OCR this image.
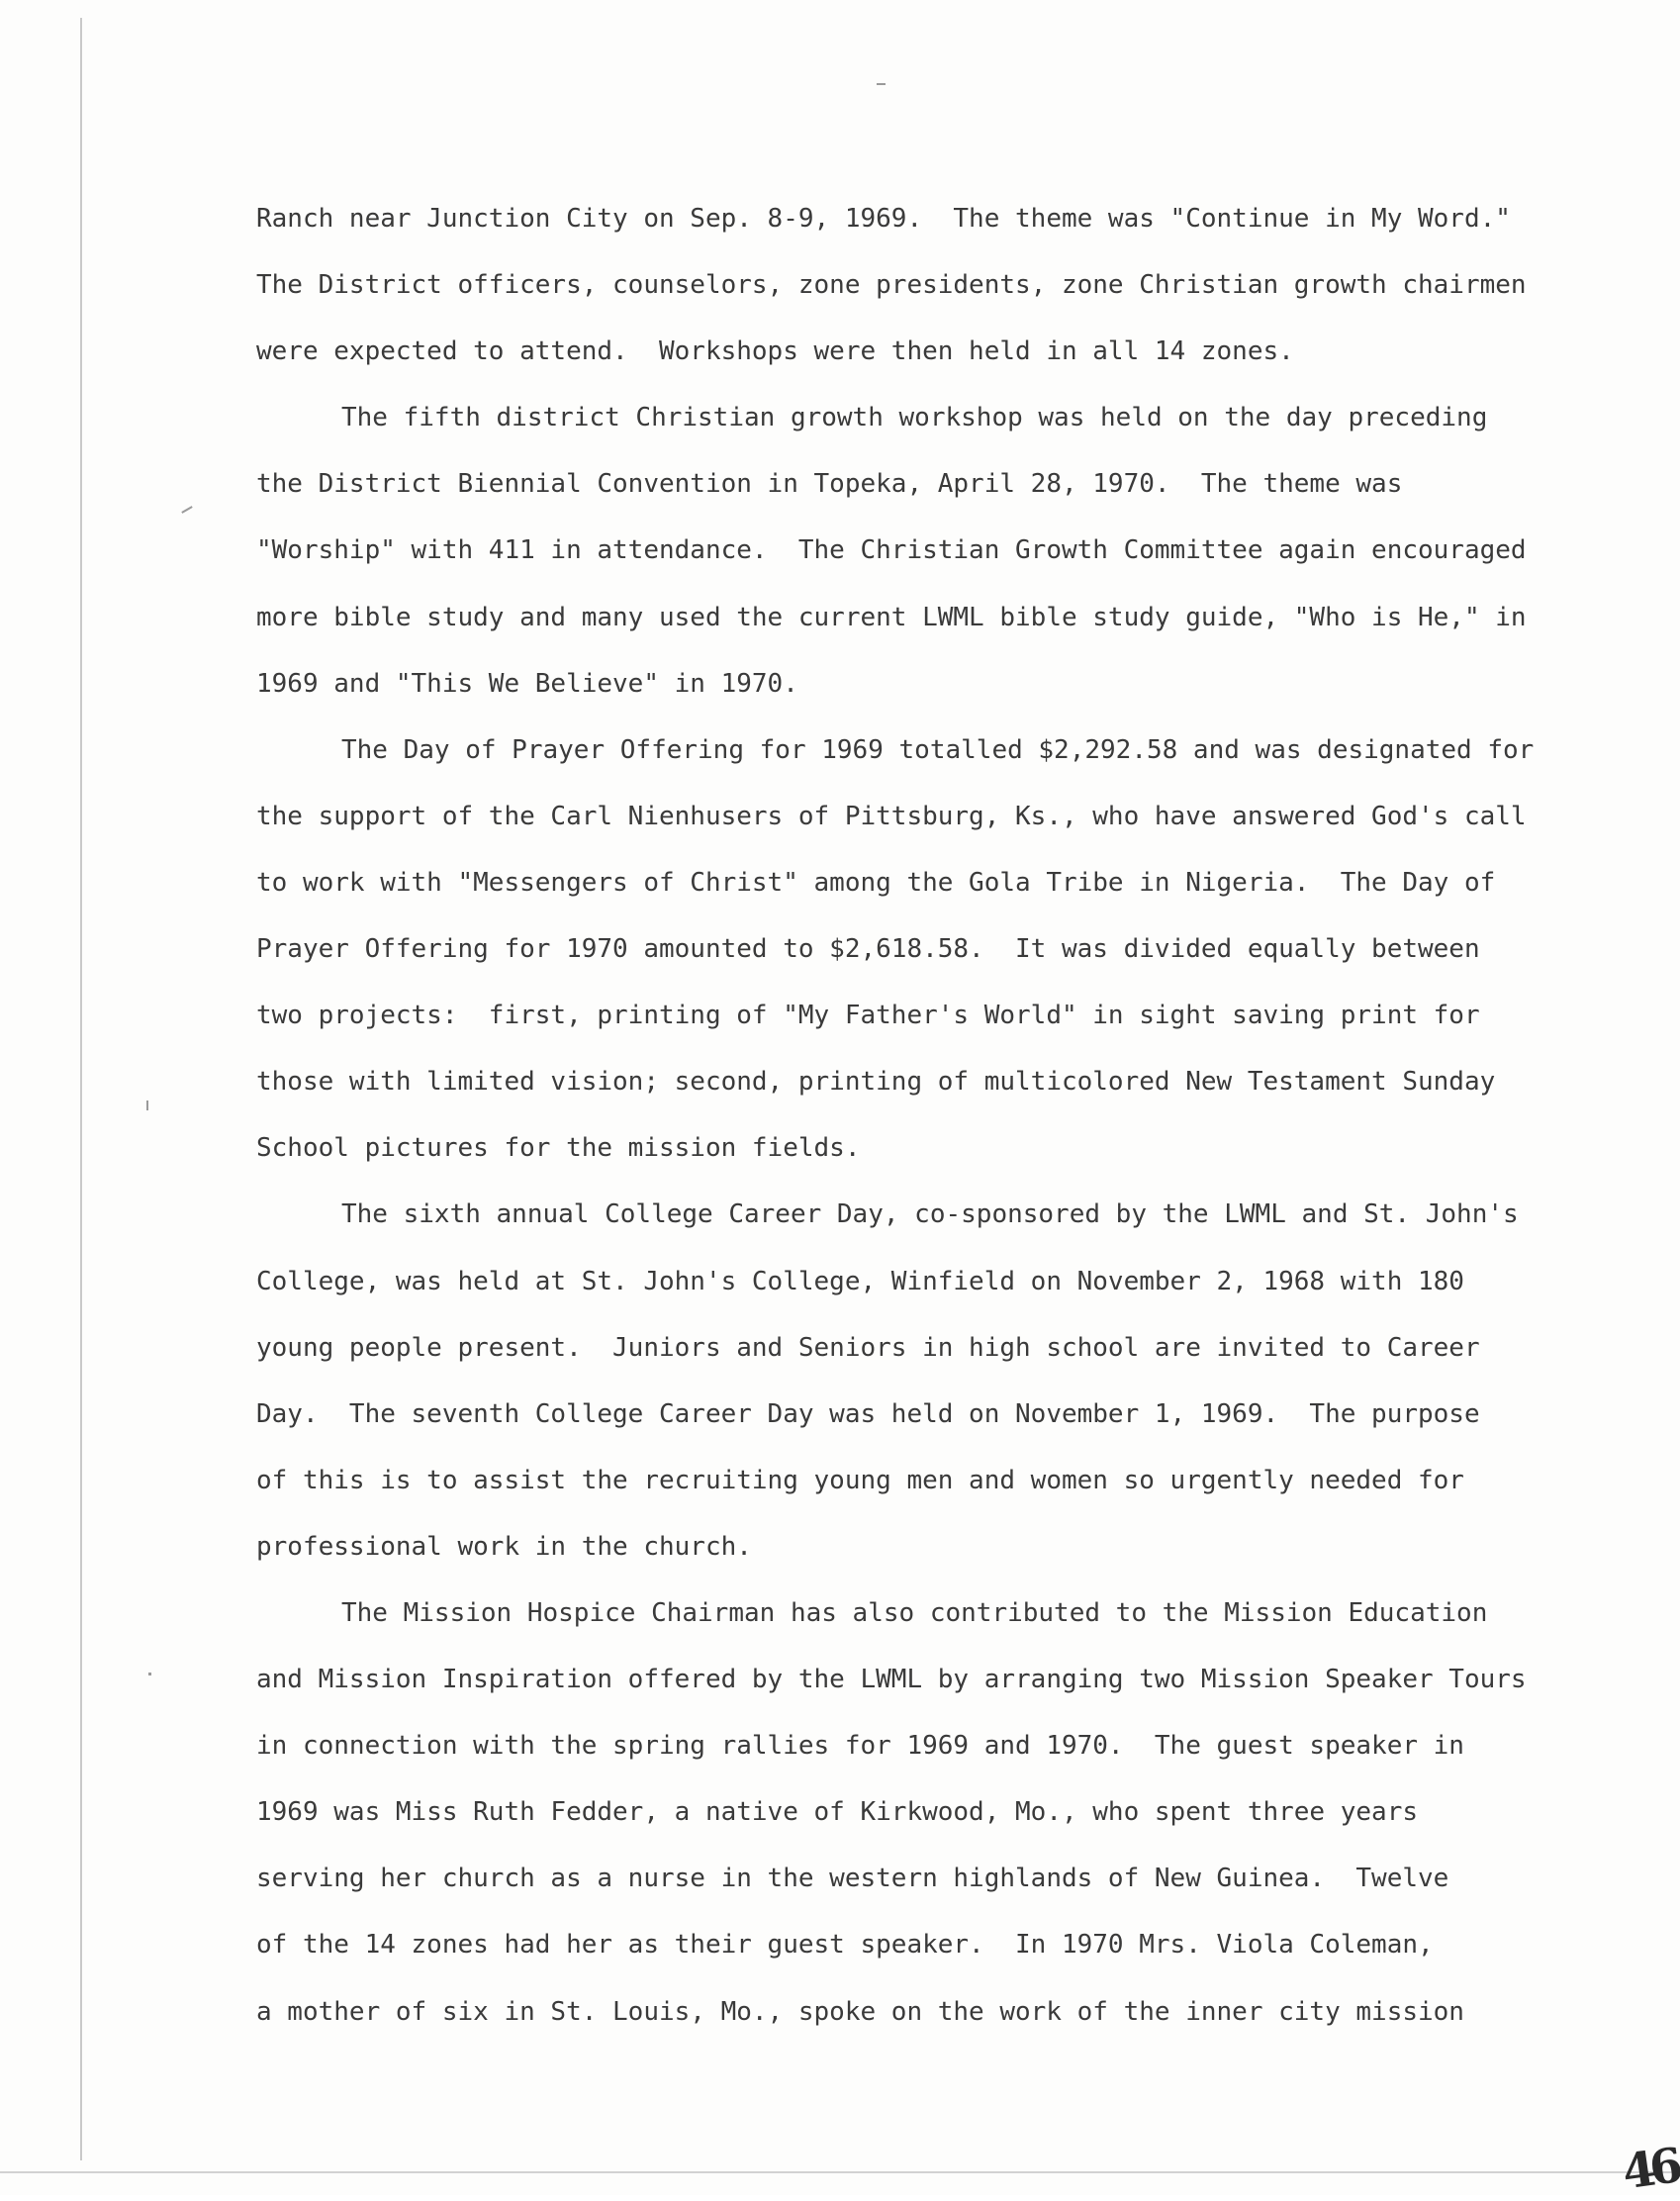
Ranch near Junction City on Sep. 8-9, 1969.  The theme was "Continue in My Word."
The District officers, counselors, zone presidents, zone Christian growth chairmen
were expected to attend.  Workshops were then held in all 14 zones.
The fifth district Christian growth workshop was held on the day preceding
the District Biennial Convention in Topeka, April 28, 1970.  The theme was
"Worship" with 411 in attendance.  The Christian Growth Committee again encouraged
more bible study and many used the current LWML bible study guide, "Who is He," in
1969 and "This We Believe" in 1970.
The Day of Prayer Offering for 1969 totalled $2,292.58 and was designated for
the support of the Carl Nienhusers of Pittsburg, Ks., who have answered God's call
to work with "Messengers of Christ" among the Gola Tribe in Nigeria.  The Day of
Prayer Offering for 1970 amounted to $2,618.58.  It was divided equally between
two projects:  first, printing of "My Father's World" in sight saving print for
those with limited vision; second, printing of multicolored New Testament Sunday
School pictures for the mission fields.
The sixth annual College Career Day, co-sponsored by the LWML and St. John's
College, was held at St. John's College, Winfield on November 2, 1968 with 180
young people present.  Juniors and Seniors in high school are invited to Career
Day.  The seventh College Career Day was held on November 1, 1969.  The purpose
of this is to assist the recruiting young men and women so urgently needed for
professional work in the church.
The Mission Hospice Chairman has also contributed to the Mission Education
and Mission Inspiration offered by the LWML by arranging two Mission Speaker Tours
in connection with the spring rallies for 1969 and 1970.  The guest speaker in
1969 was Miss Ruth Fedder, a native of Kirkwood, Mo., who spent three years
serving her church as a nurse in the western highlands of New Guinea.  Twelve
of the 14 zones had her as their guest speaker.  In 1970 Mrs. Viola Coleman,
a mother of six in St. Louis, Mo., spoke on the work of the inner city mission
46
